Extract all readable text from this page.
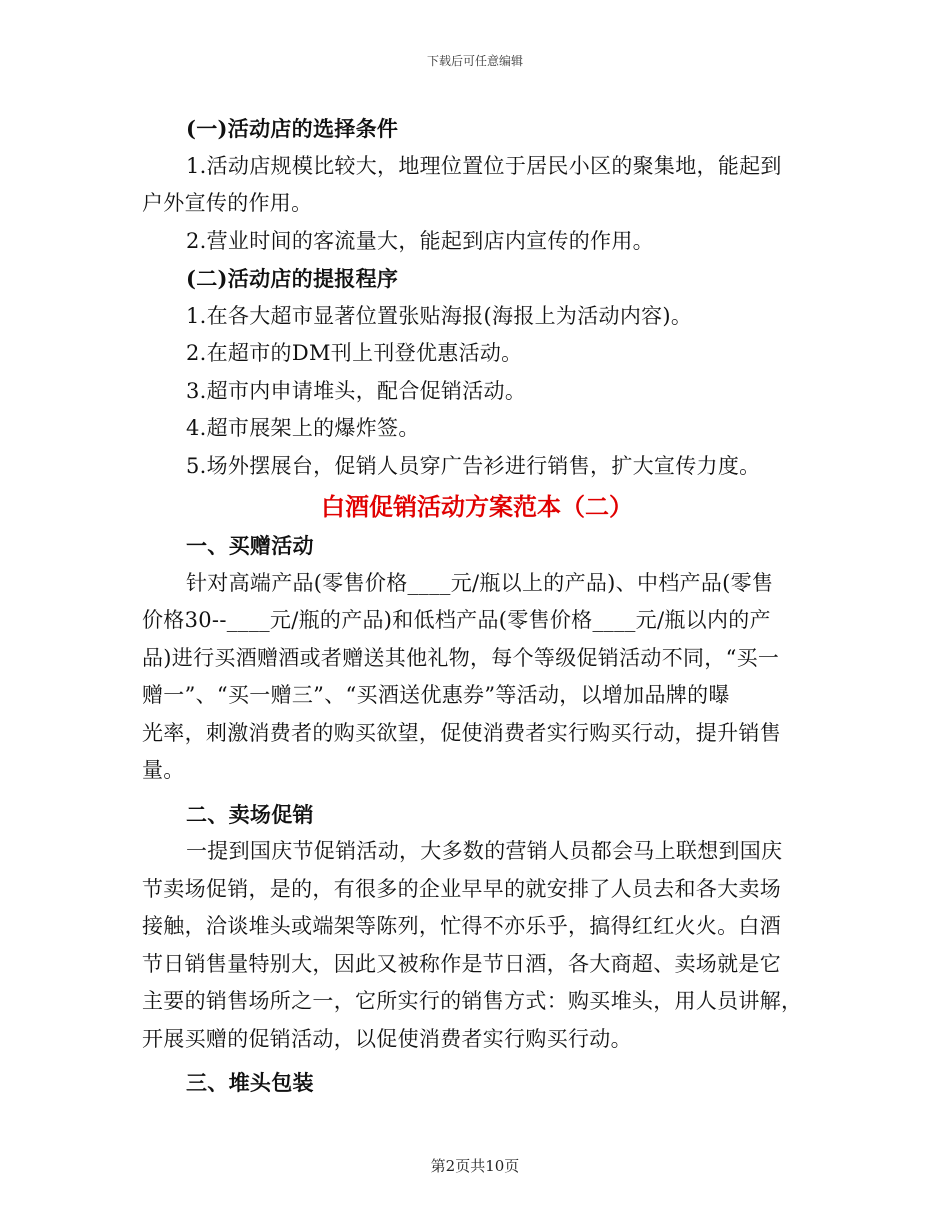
下载后可任意编辑

(一)活动店的选择条件

1.活动店规模比较大，地理位置位于居民小区的聚集地，能起到

户外宣传的作用。

2.营业时间的客流量大，能起到店内宣传的作用。

(二)活动店的提报程序

1.在各大超市显著位置张贴海报(海报上为活动内容)。

2.在超市的DM刊上刊登优惠活动。

3.超市内申请堆头，配合促销活动。

4.超市展架上的爆炸签。

5.场外摆展台，促销人员穿广告衫进行销售，扩大宣传力度。

白酒促销活动方案范本（二）

一、买赠活动

针对高端产品(零售价格____元/瓶以上的产品)、中档产品(零售

价格30--____元/瓶的产品)和低档产品(零售价格____元/瓶以内的产

品)进行买酒赠酒或者赠送其他礼物，每个等级促销活动不同，“买一

赠一”、“买一赠三”、“买酒送优惠券”等活动，以增加品牌的曝

光率，刺激消费者的购买欲望，促使消费者实行购买行动，提升销售

量。

二、卖场促销

一提到国庆节促销活动，大多数的营销人员都会马上联想到国庆

节卖场促销，是的，有很多的企业早早的就安排了人员去和各大卖场

接触，洽谈堆头或端架等陈列，忙得不亦乐乎，搞得红红火火。白酒

节日销售量特别大，因此又被称作是节日酒，各大商超、卖场就是它

主要的销售场所之一，它所实行的销售方式：购买堆头，用人员讲解，

开展买赠的促销活动，以促使消费者实行购买行动。

三、堆头包装

第2页共10页
